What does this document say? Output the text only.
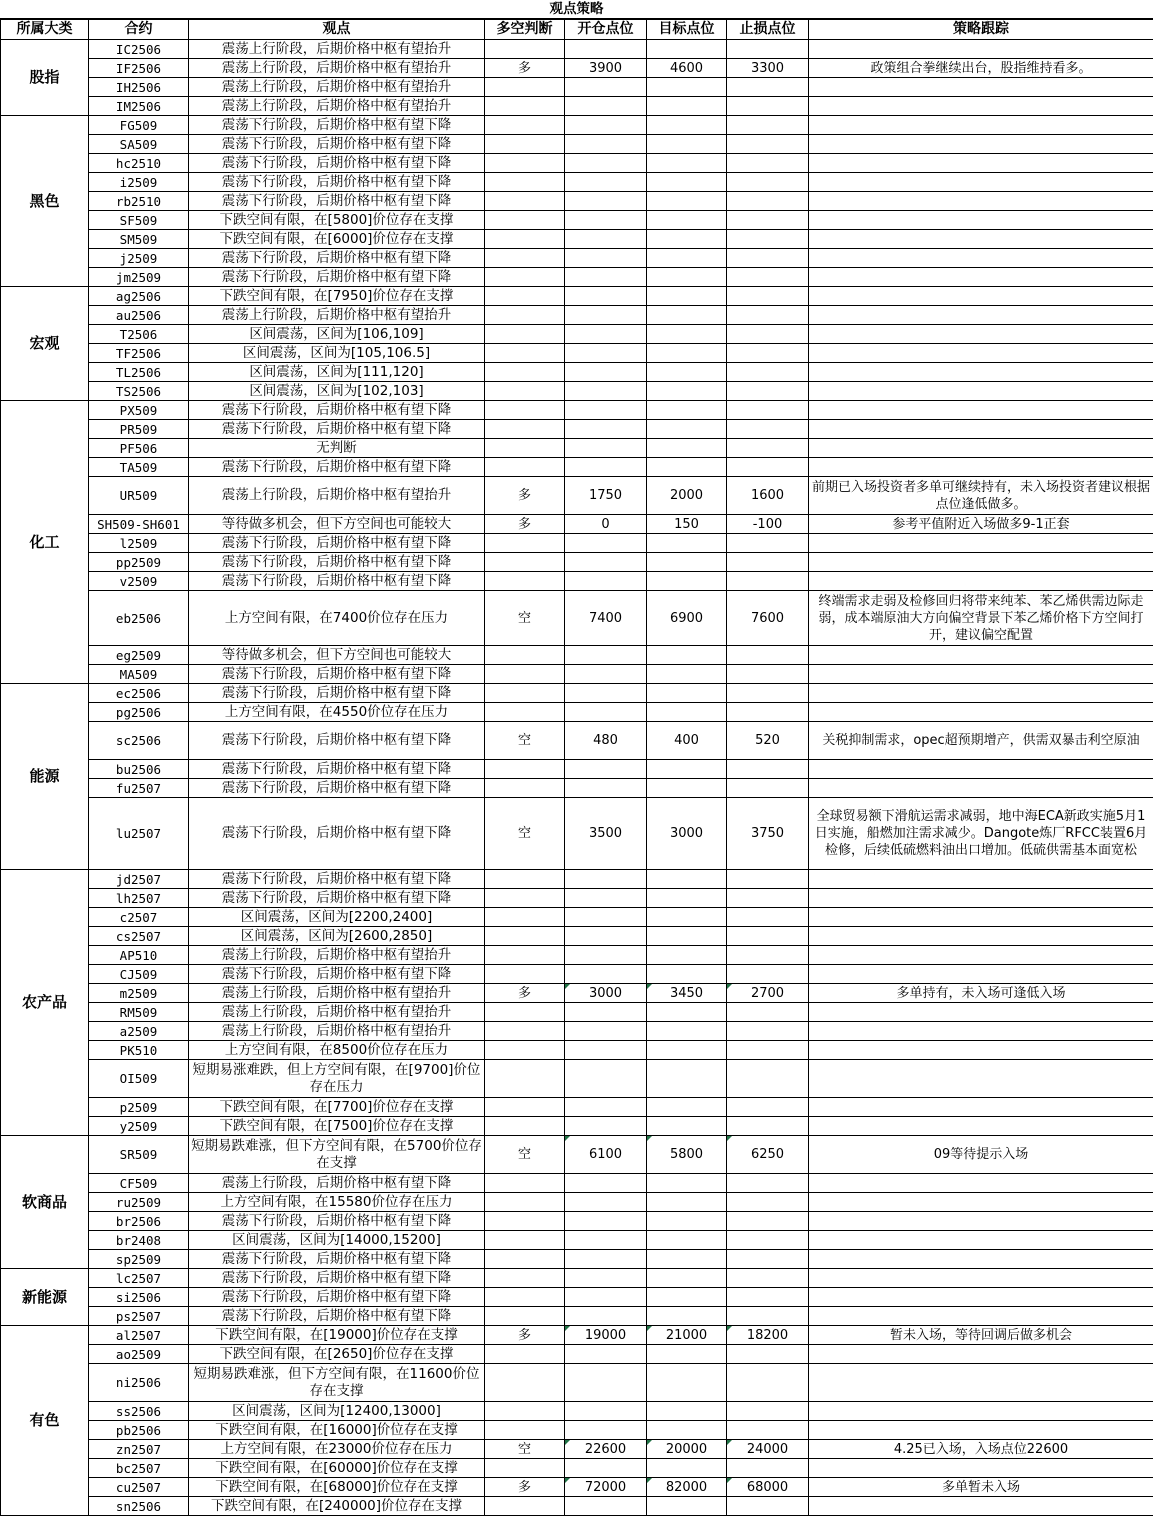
观点策略
所属大类	合约	观点	多空判断	开仓点位	目标点位	止损点位	策略跟踪
股指	IC2506	震荡上行阶段，后期价格中枢有望抬升					
	IF2506	震荡上行阶段，后期价格中枢有望抬升	多	3900	4600	3300	政策组合拳继续出台，股指维持看多。
	IH2506	震荡上行阶段，后期价格中枢有望抬升					
	IM2506	震荡上行阶段，后期价格中枢有望抬升					
黑色	FG509	震荡下行阶段，后期价格中枢有望下降					
	SA509	震荡下行阶段，后期价格中枢有望下降					
	hc2510	震荡下行阶段，后期价格中枢有望下降					
	i2509	震荡下行阶段，后期价格中枢有望下降					
	rb2510	震荡下行阶段，后期价格中枢有望下降					
	SF509	下跌空间有限，在[5800]价位存在支撑					
	SM509	下跌空间有限，在[6000]价位存在支撑					
	j2509	震荡下行阶段，后期价格中枢有望下降					
	jm2509	震荡下行阶段，后期价格中枢有望下降					
宏观	ag2506	下跌空间有限，在[7950]价位存在支撑					
	au2506	震荡上行阶段，后期价格中枢有望抬升					
	T2506	区间震荡，区间为[106,109]					
	TF2506	区间震荡，区间为[105,106.5]					
	TL2506	区间震荡，区间为[111,120]					
	TS2506	区间震荡，区间为[102,103]					
化工	PX509	震荡下行阶段，后期价格中枢有望下降					
	PR509	震荡下行阶段，后期价格中枢有望下降					
	PF506	无判断					
	TA509	震荡下行阶段，后期价格中枢有望下降					
	UR509	震荡上行阶段，后期价格中枢有望抬升	多	1750	2000	1600	前期已入场投资者多单可继续持有，未入场投资者建议根据点位逢低做多。
	SH509-SH601	等待做多机会，但下方空间也可能较大	多	0	150	-100	参考平值附近入场做多9-1正套
	l2509	震荡下行阶段，后期价格中枢有望下降					
	pp2509	震荡下行阶段，后期价格中枢有望下降					
	v2509	震荡下行阶段，后期价格中枢有望下降					
	eb2506	上方空间有限，在7400价位存在压力	空	7400	6900	7600	终端需求走弱及检修回归将带来纯苯、苯乙烯供需边际走弱，成本端原油大方向偏空背景下苯乙烯价格下方空间打开，建议偏空配置
	eg2509	等待做多机会，但下方空间也可能较大					
	MA509	震荡下行阶段，后期价格中枢有望下降					
能源	ec2506	震荡下行阶段，后期价格中枢有望下降					
	pg2506	上方空间有限，在4550价位存在压力					
	sc2506	震荡下行阶段，后期价格中枢有望下降	空	480	400	520	关税抑制需求，opec超预期增产，供需双暴击利空原油
	bu2506	震荡下行阶段，后期价格中枢有望下降					
	fu2507	震荡下行阶段，后期价格中枢有望下降					
	lu2507	震荡下行阶段，后期价格中枢有望下降	空	3500	3000	3750	全球贸易额下滑航运需求减弱，地中海ECA新政实施5月1日实施，船燃加注需求减少。Dangote炼厂RFCC装置6月检修，后续低硫燃料油出口增加。低硫供需基本面宽松
农产品	jd2507	震荡下行阶段，后期价格中枢有望下降					
	lh2507	震荡下行阶段，后期价格中枢有望下降					
	c2507	区间震荡，区间为[2200,2400]					
	cs2507	区间震荡，区间为[2600,2850]					
	AP510	震荡上行阶段，后期价格中枢有望抬升					
	CJ509	震荡下行阶段，后期价格中枢有望下降					
	m2509	震荡上行阶段，后期价格中枢有望抬升	多	3000	3450	2700	多单持有，未入场可逢低入场
	RM509	震荡上行阶段，后期价格中枢有望抬升					
	a2509	震荡上行阶段，后期价格中枢有望抬升					
	PK510	上方空间有限，在8500价位存在压力					
	OI509	短期易涨难跌，但上方空间有限，在[9700]价位存在压力					
	p2509	下跌空间有限，在[7700]价位存在支撑					
	y2509	下跌空间有限，在[7500]价位存在支撑					
软商品	SR509	短期易跌难涨，但下方空间有限，在5700价位存在支撑	空	6100	5800	6250	09等待提示入场
	CF509	震荡上行阶段，后期价格中枢有望下降					
	ru2509	上方空间有限，在15580价位存在压力					
	br2506	震荡下行阶段，后期价格中枢有望下降					
	br2408	区间震荡，区间为[14000,15200]					
	sp2509	震荡下行阶段，后期价格中枢有望下降					
新能源	lc2507	震荡下行阶段，后期价格中枢有望下降					
	si2506	震荡下行阶段，后期价格中枢有望下降					
	ps2507	震荡下行阶段，后期价格中枢有望下降					
有色	al2507	下跌空间有限，在[19000]价位存在支撑	多	19000	21000	18200	暂未入场，等待回调后做多机会
	ao2509	下跌空间有限，在[2650]价位存在支撑					
	ni2506	短期易跌难涨，但下方空间有限，在11600价位存在支撑					
	ss2506	区间震荡，区间为[12400,13000]					
	pb2506	下跌空间有限，在[16000]价位存在支撑					
	zn2507	上方空间有限，在23000价位存在压力	空	22600	20000	24000	4.25已入场，入场点位22600
	bc2507	下跌空间有限，在[60000]价位存在支撑					
	cu2507	下跌空间有限，在[68000]价位存在支撑	多	72000	82000	68000	多单暂未入场
	sn2506	下跌空间有限，在[240000]价位存在支撑					
